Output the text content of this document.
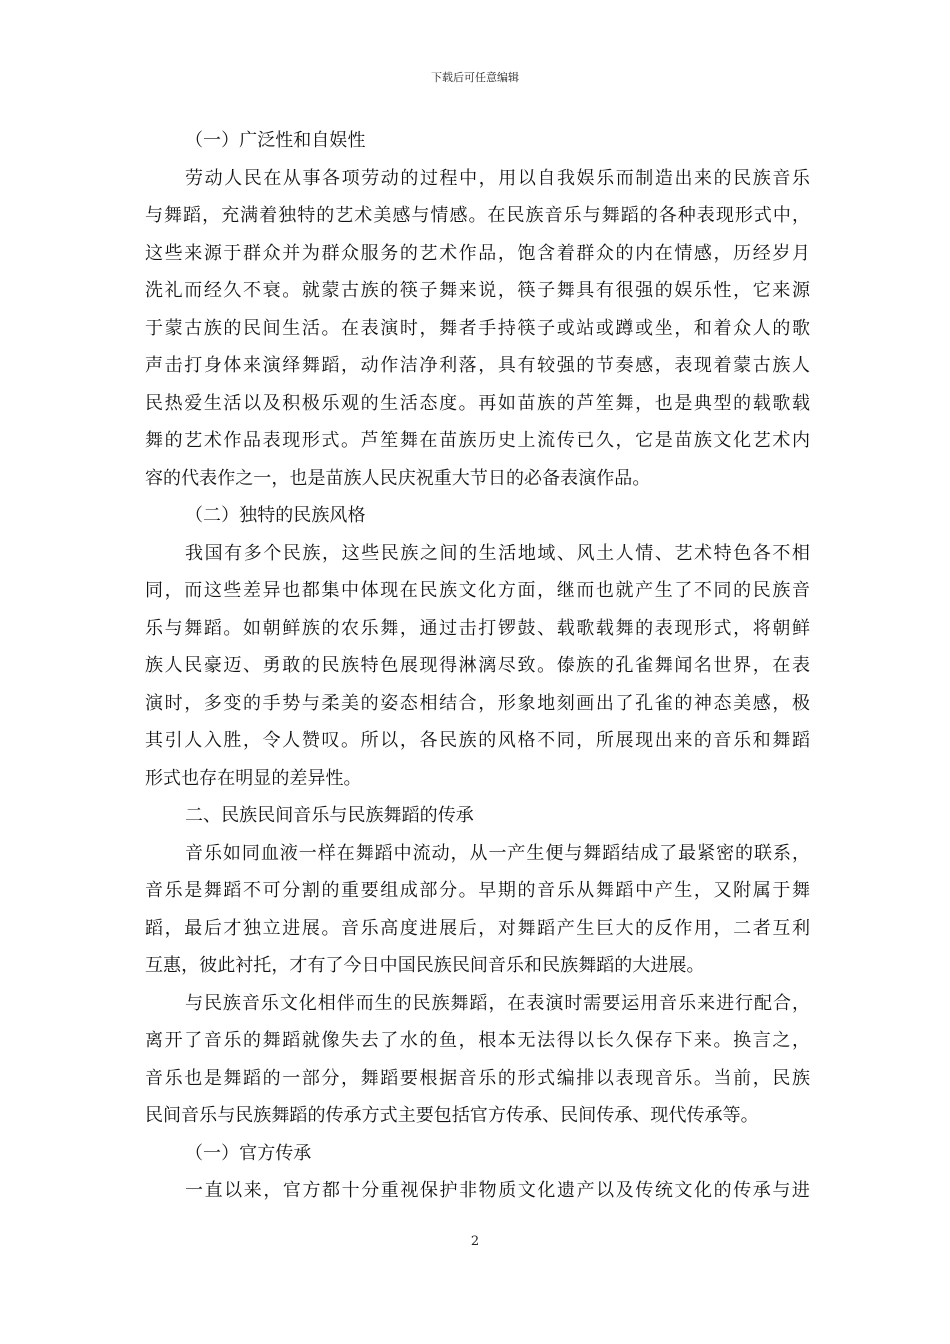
下载后可任意编辑
（一）广泛性和自娱性
劳动人民在从事各项劳动的过程中，用以自我娱乐而制造出来的民族音乐
与舞蹈，充满着独特的艺术美感与情感。在民族音乐与舞蹈的各种表现形式中，
这些来源于群众并为群众服务的艺术作品，饱含着群众的内在情感，历经岁月
洗礼而经久不衰。就蒙古族的筷子舞来说，筷子舞具有很强的娱乐性，它来源
于蒙古族的民间生活。在表演时，舞者手持筷子或站或蹲或坐，和着众人的歌
声击打身体来演绎舞蹈，动作洁净利落，具有较强的节奏感，表现着蒙古族人
民热爱生活以及积极乐观的生活态度。再如苗族的芦笙舞，也是典型的载歌载
舞的艺术作品表现形式。芦笙舞在苗族历史上流传已久，它是苗族文化艺术内
容的代表作之一，也是苗族人民庆祝重大节日的必备表演作品。
（二）独特的民族风格
我国有多个民族，这些民族之间的生活地域、风土人情、艺术特色各不相
同，而这些差异也都集中体现在民族文化方面，继而也就产生了不同的民族音
乐与舞蹈。如朝鲜族的农乐舞，通过击打锣鼓、载歌载舞的表现形式，将朝鲜
族人民豪迈、勇敢的民族特色展现得淋漓尽致。傣族的孔雀舞闻名世界，在表
演时，多变的手势与柔美的姿态相结合，形象地刻画出了孔雀的神态美感，极
其引人入胜，令人赞叹。所以，各民族的风格不同，所展现出来的音乐和舞蹈
形式也存在明显的差异性。
二、民族民间音乐与民族舞蹈的传承
音乐如同血液一样在舞蹈中流动，从一产生便与舞蹈结成了最紧密的联系，
音乐是舞蹈不可分割的重要组成部分。早期的音乐从舞蹈中产生，又附属于舞
蹈，最后才独立进展。音乐高度进展后，对舞蹈产生巨大的反作用，二者互利
互惠，彼此衬托，才有了今日中国民族民间音乐和民族舞蹈的大进展。
与民族音乐文化相伴而生的民族舞蹈，在表演时需要运用音乐来进行配合，
离开了音乐的舞蹈就像失去了水的鱼，根本无法得以长久保存下来。换言之，
音乐也是舞蹈的一部分，舞蹈要根据音乐的形式编排以表现音乐。当前，民族
民间音乐与民族舞蹈的传承方式主要包括官方传承、民间传承、现代传承等。
（一）官方传承
一直以来，官方都十分重视保护非物质文化遗产以及传统文化的传承与进
2
